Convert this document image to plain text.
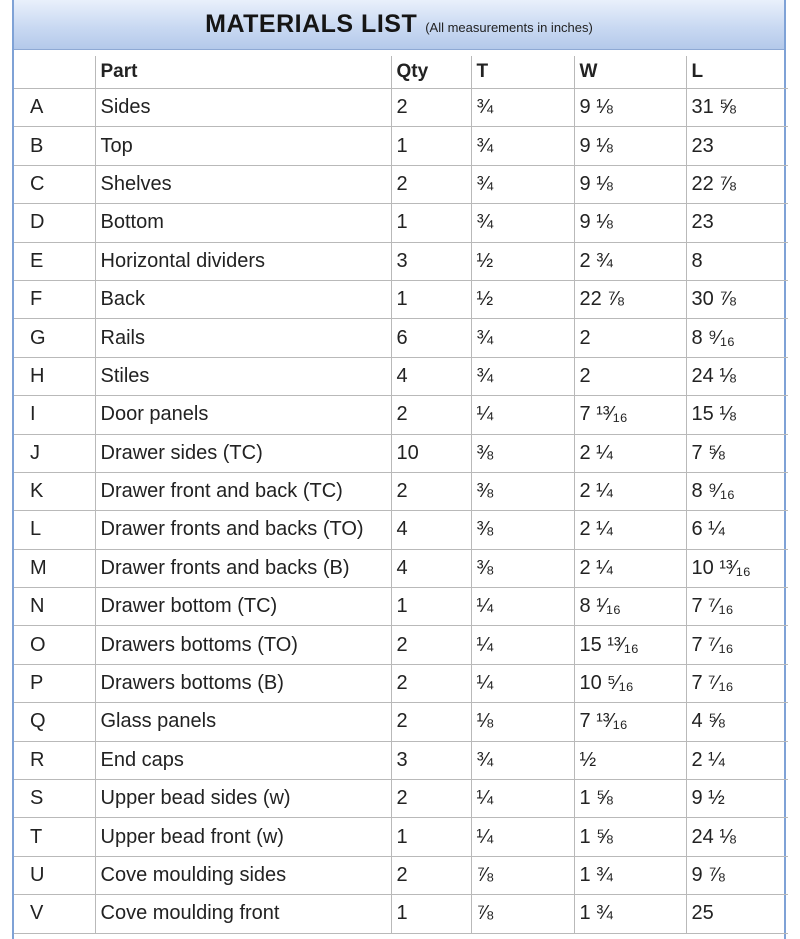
MATERIALS LIST (All measurements in inches)
	Part	Qty	T	W	L
A	Sides	2	¾	9 ⅛	31 ⅝
B	Top	1	¾	9 ⅛	23
C	Shelves	2	¾	9 ⅛	22 ⅞
D	Bottom	1	¾	9 ⅛	23
E	Horizontal dividers	3	½	2 ¾	8
F	Back	1	½	22 ⅞	30 ⅞
G	Rails	6	¾	2	8 ⁹⁄₁₆
H	Stiles	4	¾	2	24 ⅛
I	Door panels	2	¼	7 ¹³⁄₁₆	15 ⅛
J	Drawer sides (TC)	10	⅜	2 ¼	7 ⅝
K	Drawer front and back (TC)	2	⅜	2 ¼	8 ⁹⁄₁₆
L	Drawer fronts and backs (TO)	4	⅜	2 ¼	6 ¼
M	Drawer fronts and backs (B)	4	⅜	2 ¼	10 ¹³⁄₁₆
N	Drawer bottom (TC)	1	¼	8 ¹⁄₁₆	7 ⁷⁄₁₆
O	Drawers bottoms (TO)	2	¼	15 ¹³⁄₁₆	7 ⁷⁄₁₆
P	Drawers bottoms (B)	2	¼	10 ⁵⁄₁₆	7 ⁷⁄₁₆
Q	Glass panels	2	⅛	7 ¹³⁄₁₆	4 ⅝
R	End caps	3	¾	½	2 ¼
S	Upper bead sides (w)	2	¼	1 ⅝	9 ½
T	Upper bead front (w)	1	¼	1 ⅝	24 ⅛
U	Cove moulding sides	2	⅞	1 ¾	9 ⅞
V	Cove moulding front	1	⅞	1 ¾	25
